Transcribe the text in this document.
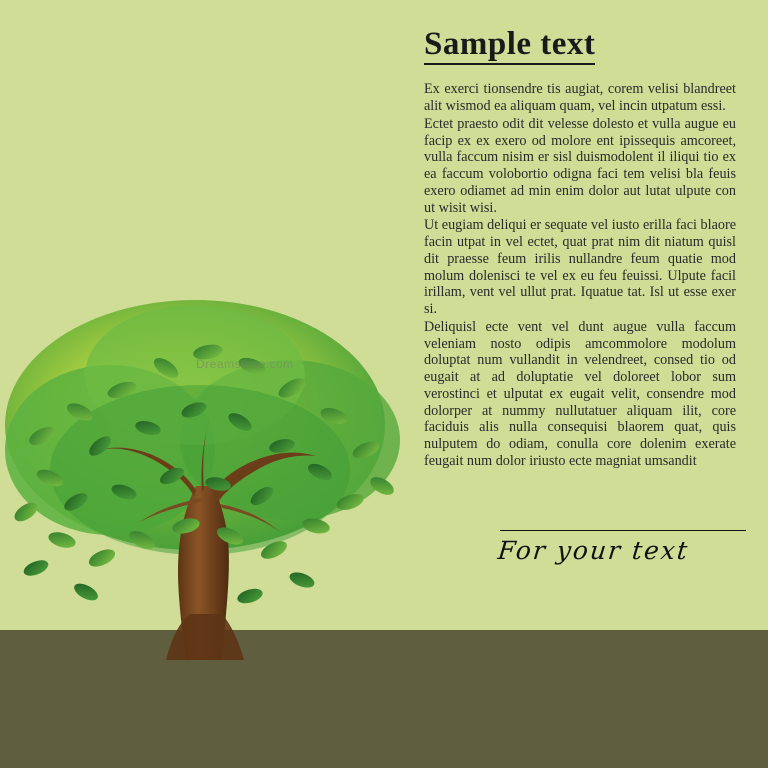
Dreamstime.com
Sample text

Ex exerci tionsendre tis augiat, corem velisi blandreet alit wismod ea aliquam quam, vel incin utpatum essi.

Ectet praesto odit dit velesse dolesto et vulla augue eu facip ex ex exero od molore ent ipissequis amcoreet, vulla faccum nisim er sisl duismodolent il iliqui tio ex ea faccum volobortio odigna faci tem velisi bla feuis exero odiamet ad min enim dolor aut lutat ulpute con ut wisit wisi.

Ut eugiam deliqui er sequate vel iusto erilla faci blaore facin utpat in vel ectet, quat prat nim dit niatum quisl dit praesse feum irilis nullandre feum quatie mod molum dolenisci te vel ex eu feu feuissi. Ulpute facil irillam, vent vel ullut prat. Iquatue tat. Isl ut esse exer si.

Deliquisl ecte vent vel dunt augue vulla faccum veleniam nosto odipis amcommolore modolum doluptat num vullandit in velendreet, consed tio od eugait at ad doluptatie vel doloreet lobor sum verostinci et ulputat ex eugait velit, consendre mod dolorper at nummy nullutatuer aliquam ilit, core faciduis alis nulla consequisi blaorem quat, quis nulputem do odiam, conulla core dolenim exerate feugait num dolor iriusto ecte magniat umsandit

For your text
